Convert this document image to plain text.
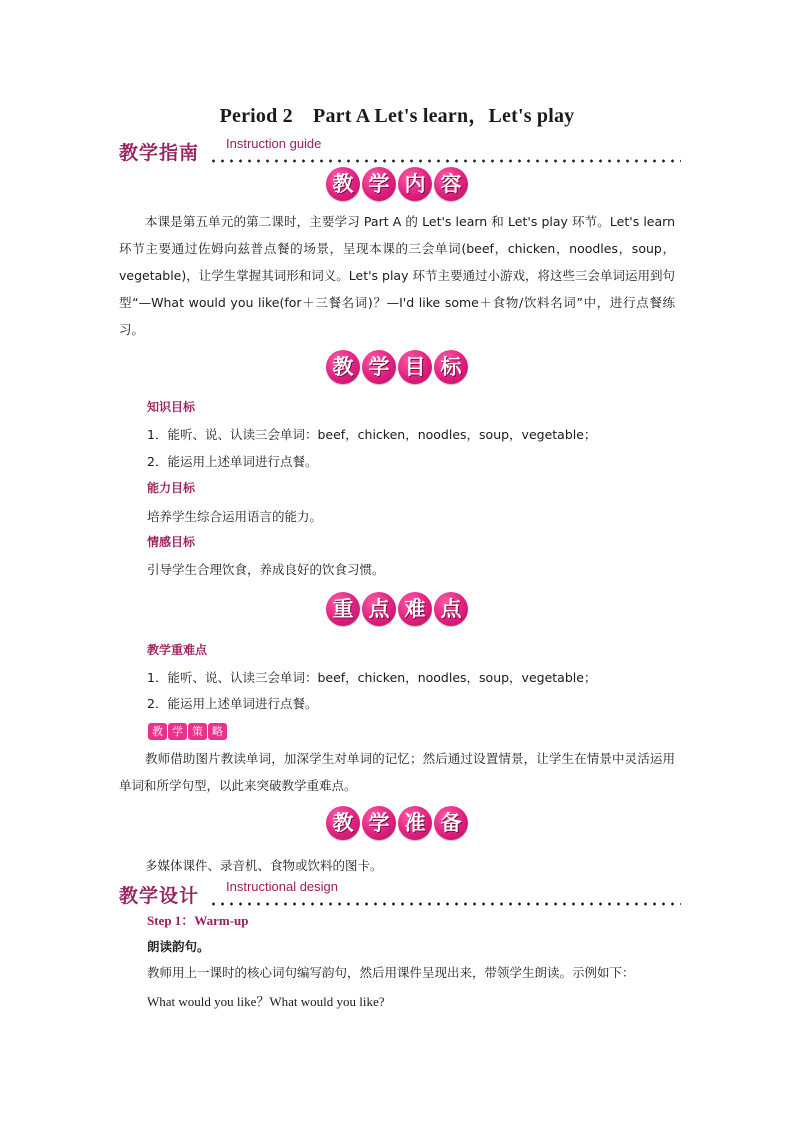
Period 2　Part A Let's learn，Let's play
教学指南 Instruction guide
教 学 内 容
本课是第五单元的第二课时，主要学习 Part A 的 Let's learn 和 Let's play 环节。Let's learn 环节主要通过佐姆向兹普点餐的场景，呈现本课的三会单词(beef，chicken，noodles，soup，vegetable)，让学生掌握其词形和词义。Let's play 环节主要通过小游戏，将这些三会单词运用到句型“—What would you like(for＋三餐名词)？—I'd like some＋食物/饮料名词”中，进行点餐练习。
教 学 目 标
知识目标
1．能听、说、认读三会单词：beef，chicken，noodles，soup，vegetable；
2．能运用上述单词进行点餐。
能力目标
培养学生综合运用语言的能力。
情感目标
引导学生合理饮食，养成良好的饮食习惯。
重 点 难 点
教学重难点
1．能听、说、认读三会单词：beef，chicken，noodles，soup，vegetable；
2．能运用上述单词进行点餐。
教 学 策 略
教师借助图片教读单词，加深学生对单词的记忆；然后通过设置情景，让学生在情景中灵活运用单词和所学句型，以此来突破教学重难点。
教 学 准 备
多媒体课件、录音机、食物或饮料的图卡。
教学设计 Instructional design
Step 1：Warm-up
朗读韵句。
教师用上一课时的核心词句编写韵句，然后用课件呈现出来，带领学生朗读。示例如下：
What would you like？What would you like?
